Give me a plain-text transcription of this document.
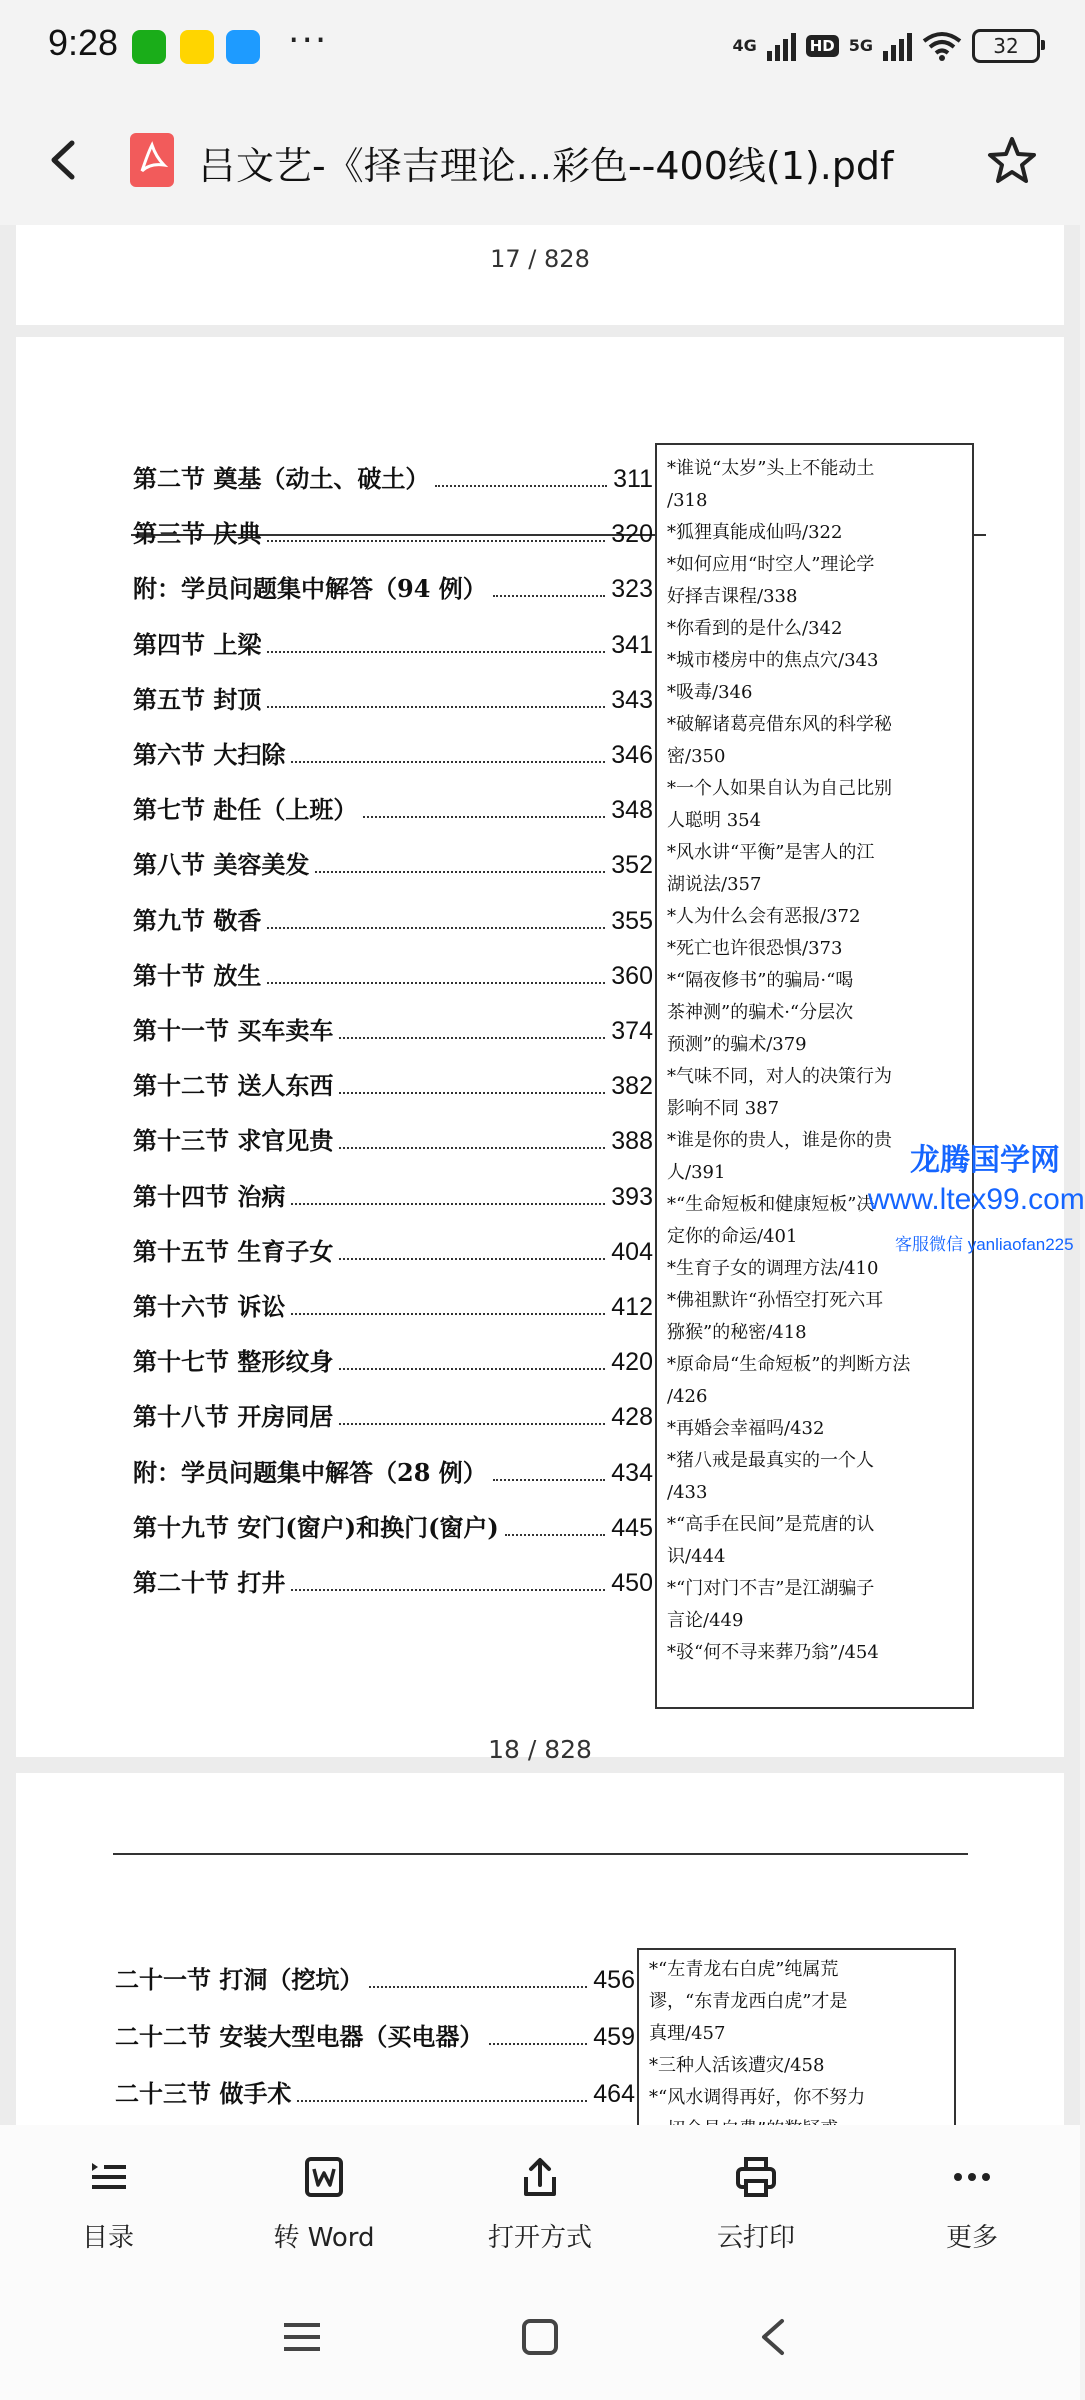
9:28	···	4G	HD 5G	32
吕文艺-《择吉理论...彩色--400线(1).pdf
17 / 828
第二节 奠基（动土、破土）	311
第三节 庆典	320
附：学员问题集中解答（94 例）	323
第四节 上梁	341
第五节 封顶	343
第六节 大扫除	346
第七节 赴任（上班）	348
第八节 美容美发	352
第九节 敬香	355
第十节 放生	360
第十一节 买车卖车	374
第十二节 送人东西	382
第十三节 求官见贵	388
第十四节 治病	393
第十五节 生育子女	404
第十六节 诉讼	412
第十七节 整形纹身	420
第十八节 开房同居	428
附：学员问题集中解答（28 例）	434
第十九节 安门(窗户)和换门(窗户)	445
第二十节 打井	450
*谁说“太岁”头上不能动土
/318
*狐狸真能成仙吗/322
*如何应用“时空人”理论学
好择吉课程/338
*你看到的是什么/342
*城市楼房中的焦点穴/343
*吸毒/346
*破解诸葛亮借东风的科学秘
密/350
*一个人如果自认为自己比别
人聪明 354
*风水讲“平衡”是害人的江
湖说法/357
*人为什么会有恶报/372
*死亡也许很恐惧/373
*“隔夜修书”的骗局·“喝
茶神测”的骗术·“分层次
预测”的骗术/379
*气味不同，对人的决策行为
影响不同 387
*谁是你的贵人，谁是你的贵
人/391
*“生命短板和健康短板”决
定你的命运/401
*生育子女的调理方法/410
*佛祖默许“孙悟空打死六耳
猕猴”的秘密/418
*原命局“生命短板”的判断方法
/426
*再婚会幸福吗/432
*猪八戒是最真实的一个人
/433
*“高手在民间”是荒唐的认
识/444
*“门对门不吉”是江湖骗子
言论/449
*驳“何不寻来葬乃翁”/454
18 / 828
龙腾国学网
www.ltex99.com
客服微信 yanliaofan225
二十一节 打洞（挖坑）	456
二十二节 安装大型电器（买电器）	459
二十三节 做手术	464
*“左青龙右白虎”纯属荒
谬，“东青龙西白虎”才是
真理/457
*三种人活该遭灾/458
*“风水调得再好，你不努力
目录	转 Word	打开方式	云打印	更多
